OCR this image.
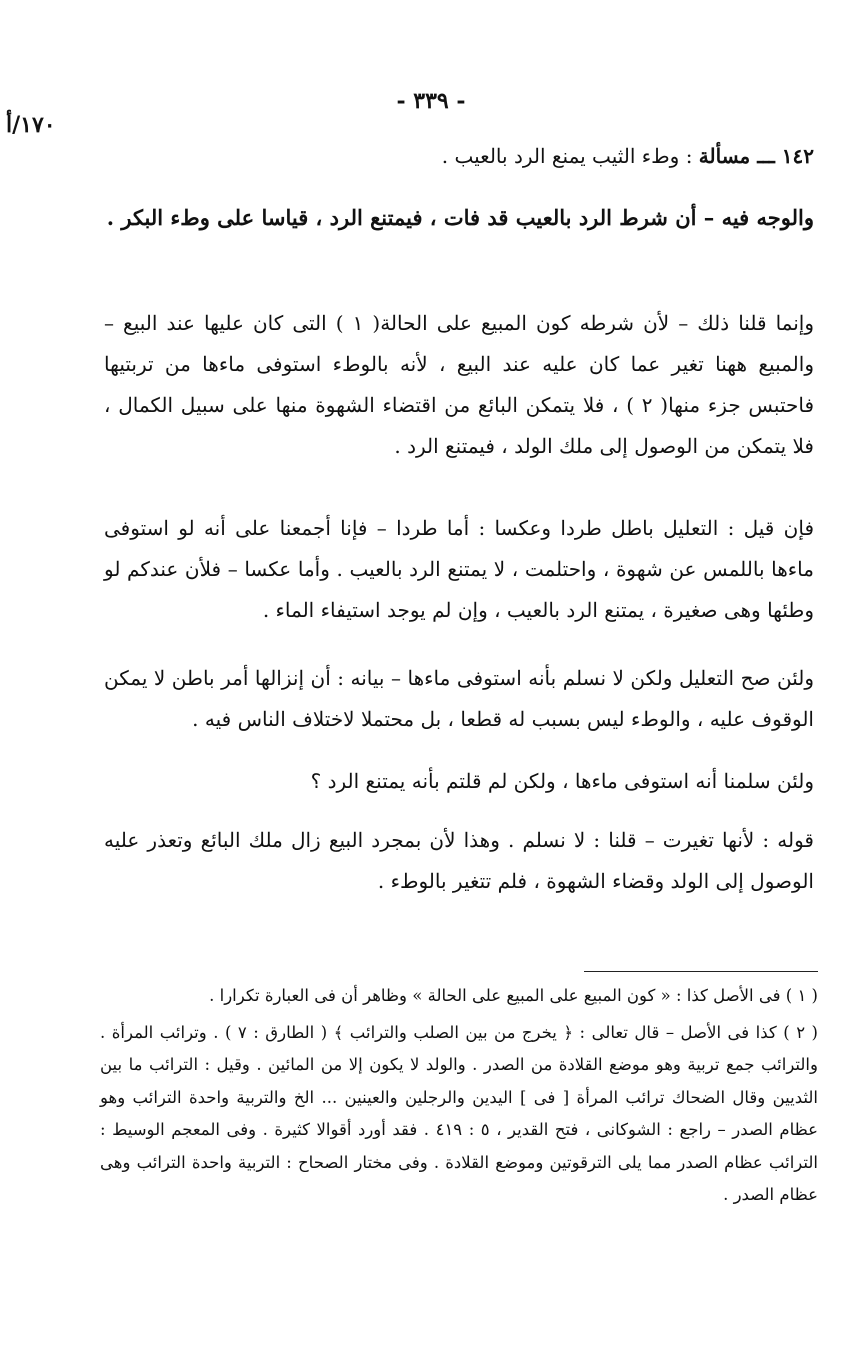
١٧٠/أ
- ٣٣٩ -
١٤٢ ـــ مسألة : وطء الثيب يمنع الرد بالعيب .
والوجه فيه – أن شرط الرد بالعيب قد فات ، فيمتنع الرد ، قياسا على وطء البكر .
وإنما قلنا ذلك – لأن شرطه كون المبيع على الحالة( ١ ) التى كان عليها عند البيع – والمبيع ههنا تغير عما كان عليه عند البيع ، لأنه بالوطء استوفى ماءها من تربتيها فاحتبس جزء منها( ٢ ) ، فلا يتمكن البائع من اقتضاء الشهوة منها على سبيل الكمال ، فلا يتمكن من الوصول إلى ملك الولد ، فيمتنع الرد .
فإن قيل : التعليل باطل طردا وعكسا : أما طردا – فإنا أجمعنا على أنه لو استوفى ماءها باللمس عن شهوة ، واحتلمت ، لا يمتنع الرد بالعيب . وأما عكسا – فلأن عندكم لو وطئها وهى صغيرة ، يمتنع الرد بالعيب ، وإن لم يوجد استيفاء الماء .
ولئن صح التعليل ولكن لا نسلم بأنه استوفى ماءها – بيانه : أن إنزالها أمر باطن لا يمكن الوقوف عليه ، والوطء ليس بسبب له قطعا ، بل محتملا لاختلاف الناس فيه .
ولئن سلمنا أنه استوفى ماءها ، ولكن لم قلتم بأنه يمتنع الرد ؟
قوله : لأنها تغيرت – قلنا : لا نسلم . وهذا لأن بمجرد البيع زال ملك البائع وتعذر عليه الوصول إلى الولد وقضاء الشهوة ، فلم تتغير بالوطء .

( ١ ) فى الأصل كذا : « كون المبيع على المبيع على الحالة » وظاهر أن فى العبارة تكرارا .

( ٢ ) كذا فى الأصل – قال تعالى : ﴿ يخرج من بين الصلب والترائب ﴾ ( الطارق : ٧ ) . وترائب المرأة . والترائب جمع تربية وهو موضع القلادة من الصدر . والولد لا يكون إلا من المائين . وقيل : الترائب ما بين الثديين وقال الضحاك ترائب المرأة [ فى ] اليدين والرجلين والعينين ... الخ والتربية واحدة الترائب وهو عظام الصدر – راجع : الشوكانى ، فتح القدير ، ٥ : ٤١٩ . فقد أورد أقوالا كثيرة . وفى المعجم الوسيط : الترائب عظام الصدر مما يلى الترقوتين وموضع القلادة . وفى مختار الصحاح : التربية واحدة الترائب وهى عظام الصدر .
